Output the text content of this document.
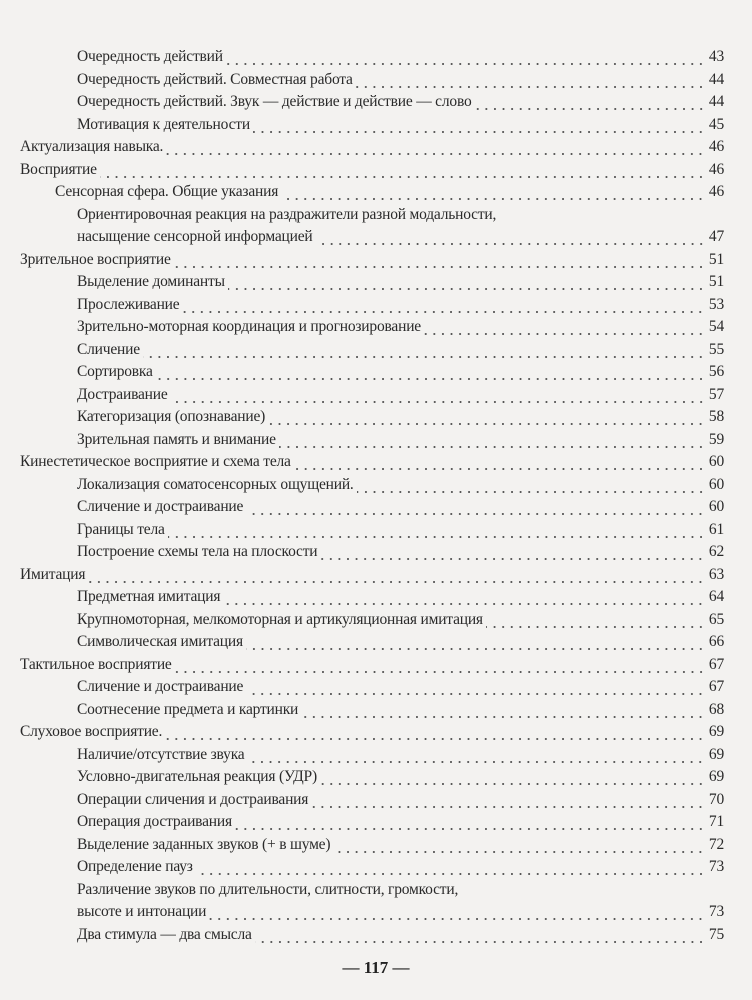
Очередность действий	43
Очередность действий. Совместная работа	44
Очередность действий. Звук — действие и действие — слово	44
Мотивация к деятельности	45
Актуализация навыка.	46
Восприятие	46
Сенсорная сфера. Общие указания	46
Ориентировочная реакция на раздражители разной модальности,
насыщение сенсорной информацией	47
Зрительное восприятие	51
Выделение доминанты	51
Прослеживание	53
Зрительно-моторная координация и прогнозирование	54
Сличение	55
Сортировка	56
Достраивание	57
Категоризация (опознавание)	58
Зрительная память и внимание	59
Кинестетическое восприятие и схема тела	60
Локализация соматосенсорных ощущений.	60
Сличение и достраивание	60
Границы тела	61
Построение схемы тела на плоскости	62
Имитация	63
Предметная имитация	64
Крупномоторная, мелкомоторная и артикуляционная имитация	65
Символическая имитация	66
Тактильное восприятие	67
Сличение и достраивание	67
Соотнесение предмета и картинки	68
Слуховое восприятие.	69
Наличие/отсутствие звука	69
Условно-двигательная реакция (УДР)	69
Операции сличения и достраивания	70
Операция достраивания	71
Выделение заданных звуков (+ в шуме)	72
Определение пауз	73
Различение звуков по длительности, слитности, громкости,
высоте и интонации	73
Два стимула — два смысла	75
— 117 —
